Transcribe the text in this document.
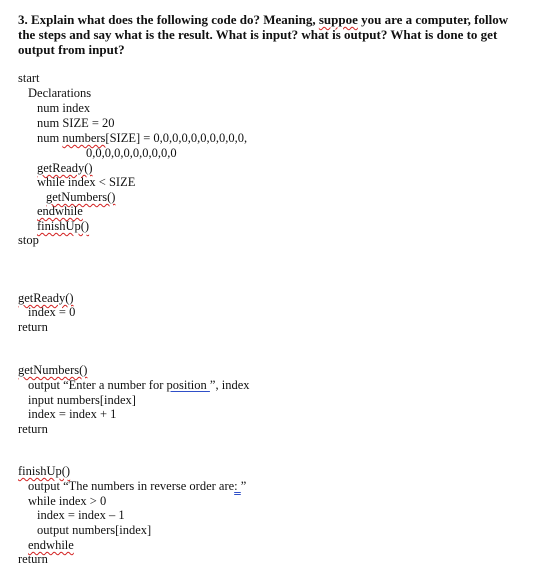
3. Explain what does the following code do? Meaning, suppoe you are a computer, follow the steps and say what is the result. What is input? what is output? What is done to get output from input?
start
Declarations
num index
num SIZE = 20
num numbers[SIZE] = 0,0,0,0,0,0,0,0,0,0,
0,0,0,0,0,0,0,0,0,0
getReady()
while index < SIZE
getNumbers()
endwhile
finishUp()
stop
getReady()
index = 0
return
getNumbers()
output “Enter a number for position ”, index
input numbers[index]
index = index + 1
return
finishUp()
output “The numbers in reverse order are: ”
while index > 0
index = index – 1
output numbers[index]
endwhile
return
